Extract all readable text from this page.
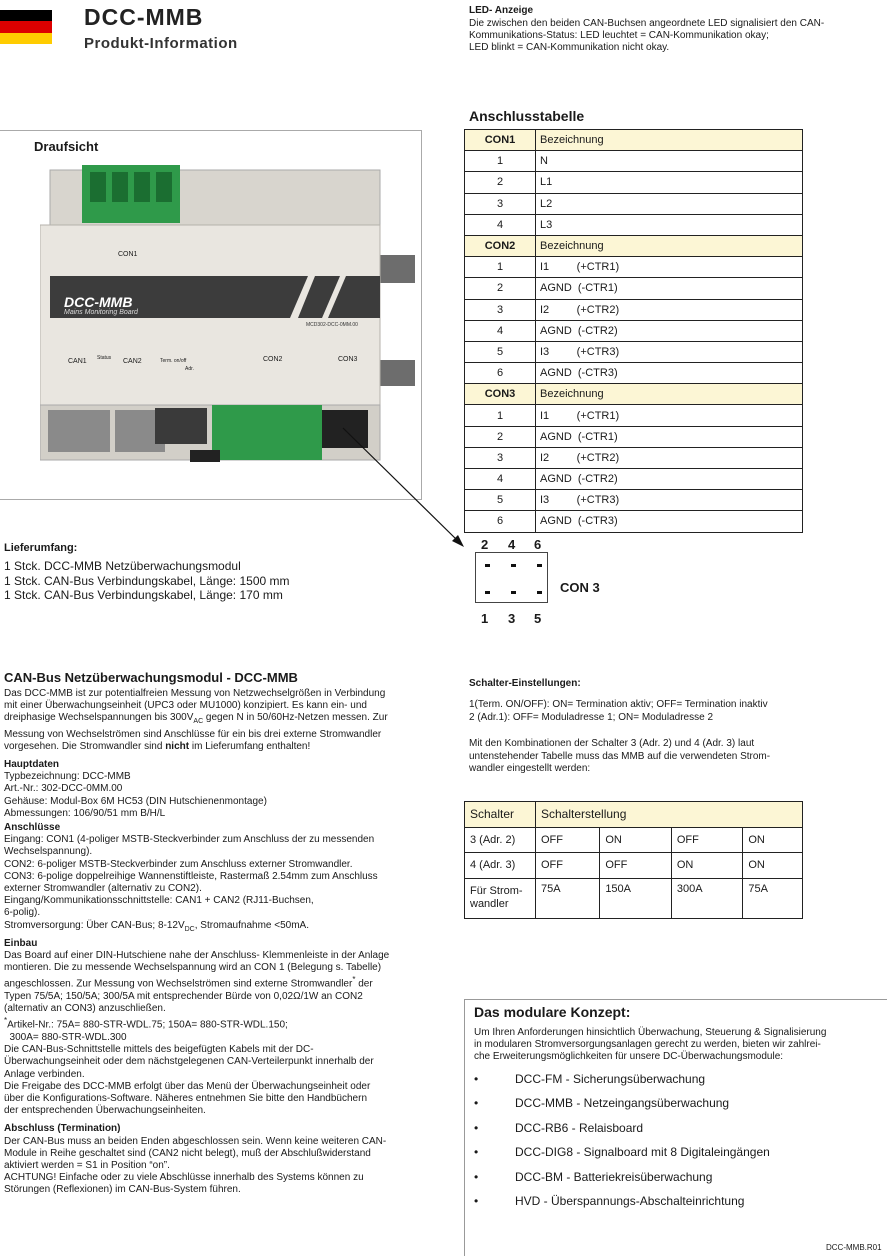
DCC-MMB
Produkt-Information
LED- Anzeige
Die zwischen den beiden CAN-Buchsen angeordnete LED signalisiert den CAN-
Kommunikations-Status: LED leuchtet = CAN-Kommunikation okay;
LED blinkt = CAN-Kommunikation nicht okay.
Draufsicht
DCC-MMB
Mains Monitoring Board
MCD302-DCC-0MM.00
CON1
CAN1 Status CAN2	CON2	CON3
Term. on/off
Adr.
Anschlusstabelle
CON1	Bezeichnung
1	N
2	L1
3	L2
4	L3
CON2	Bezeichnung
1	I1         (+CTR1)
2	AGND  (-CTR1)
3	I2         (+CTR2)
4	AGND  (-CTR2)
5	I3         (+CTR3)
6	AGND  (-CTR3)
CON3	Bezeichnung
1	I1         (+CTR1)
2	AGND  (-CTR1)
3	I2         (+CTR2)
4	AGND  (-CTR2)
5	I3         (+CTR3)
6	AGND  (-CTR3)
2 4 6
CON 3
1 3 5
Lieferumfang:
1 Stck. DCC-MMB Netzüberwachungsmodul
1 Stck. CAN-Bus Verbindungskabel, Länge: 1500 mm
1 Stck. CAN-Bus Verbindungskabel, Länge: 170 mm
CAN-Bus Netzüberwachungsmodul - DCC-MMB
Das DCC-MMB ist zur potentialfreien Messung von Netzwechselgrößen in Verbindung
mit einer Überwachungseinheit (UPC3 oder MU1000) konzipiert. Es kann ein- und
dreiphasige Wechselspannungen bis $300V_{AC}$ gegen N in 50/60Hz-Netzen messen. Zur
Messung von Wechselströmen sind Anschlüsse für ein bis drei externe Stromwandler
vorgesehen. Die Stromwandler sind nicht im Lieferumfang enthalten!
Hauptdaten
Typbezeichnung: DCC-MMB
Art.-Nr.: 302-DCC-0MM.00
Gehäuse: Modul-Box 6M HC53 (DIN Hutschienenmontage)
Abmessungen: 106/90/51 mm B/H/L
Anschlüsse
Eingang: CON1 (4-poliger MSTB-Steckverbinder zum Anschluss der zu messenden
Wechselspannung).
CON2: 6-poliger MSTB-Steckverbinder zum Anschluss externer Stromwandler.
CON3: 6-polige doppelreihige Wannenstiftleiste, Rastermaß 2.54mm zum Anschluss
externer Stromwandler (alternativ zu CON2).
Eingang/Kommunikationsschnittstelle: CAN1 + CAN2 (RJ11-Buchsen,
6-polig).
Stromversorgung: Über CAN-Bus; $8-12V_{DC}$, Stromaufnahme <50mA.
Einbau
Das Board auf einer DIN-Hutschiene nahe der Anschluss- Klemmenleiste in der Anlage
montieren. Die zu messende Wechselspannung wird an CON 1 (Belegung s. Tabelle)
angeschlossen. Zur Messung von Wechselströmen sind externe Stromwandler* der
Typen 75/5A; 150/5A; 300/5A mit entsprechender Bürde von 0,02Ω/1W an CON2
(alternativ an CON3) anzuschließen.
*Artikel-Nr.: 75A= 880-STR-WDL.75; 150A= 880-STR-WDL.150;
300A= 880-STR-WDL.300
Die CAN-Bus-Schnittstelle mittels des beigefügten Kabels mit der DC-
Überwachungseinheit oder dem nächstgelegenen CAN-Verteilerpunkt innerhalb der
Anlage verbinden.
Die Freigabe des DCC-MMB erfolgt über das Menü der Überwachungseinheit oder
über die Konfigurations-Software. Näheres entnehmen Sie bitte den Handbüchern
der entsprechenden Überwachungseinheiten.
Abschluss (Termination)
Der CAN-Bus muss an beiden Enden abgeschlossen sein. Wenn keine weiteren CAN-
Module in Reihe geschaltet sind (CAN2 nicht belegt), muß der Abschlußwiderstand
aktiviert werden = S1 in Position “on”.
ACHTUNG! Einfache oder zu viele Abschlüsse innerhalb des Systems können zu
Störungen (Reflexionen) im CAN-Bus-System führen.
Schalter-Einstellungen:
1(Term. ON/OFF): ON= Termination aktiv; OFF= Termination inaktiv
2 (Adr.1): OFF= Moduladresse 1; ON= Moduladresse 2
Mit den Kombinationen der Schalter 3 (Adr. 2) und 4 (Adr. 3) laut
untenstehender Tabelle muss das MMB auf die verwendeten Strom-
wandler eingestellt werden:
Schalter	Schalterstellung			
3 (Adr. 2)	OFF	ON	OFF	ON
4 (Adr. 3)	OFF	OFF	ON	ON
Für Strom-
wandler	75A	150A	300A	75A
Das modulare Konzept:
Um Ihren Anforderungen hinsichtlich Überwachung, Steuerung & Signalisierung
in modularen Stromversorgungsanlagen gerecht zu werden, bieten wir zahlrei-
che Erweiterungsmöglichkeiten für unsere DC-Überwachungsmodule:
• DCC-FM - Sicherungsüberwachung
• DCC-MMB - Netzeingangsüberwachung
• DCC-RB6 - Relaisboard
• DCC-DIG8 - Signalboard mit 8 Digitaleingängen
• DCC-BM - Batteriekreisüberwachung
• HVD - Überspannungs-Abschalteinrichtung
DCC-MMB.R01
